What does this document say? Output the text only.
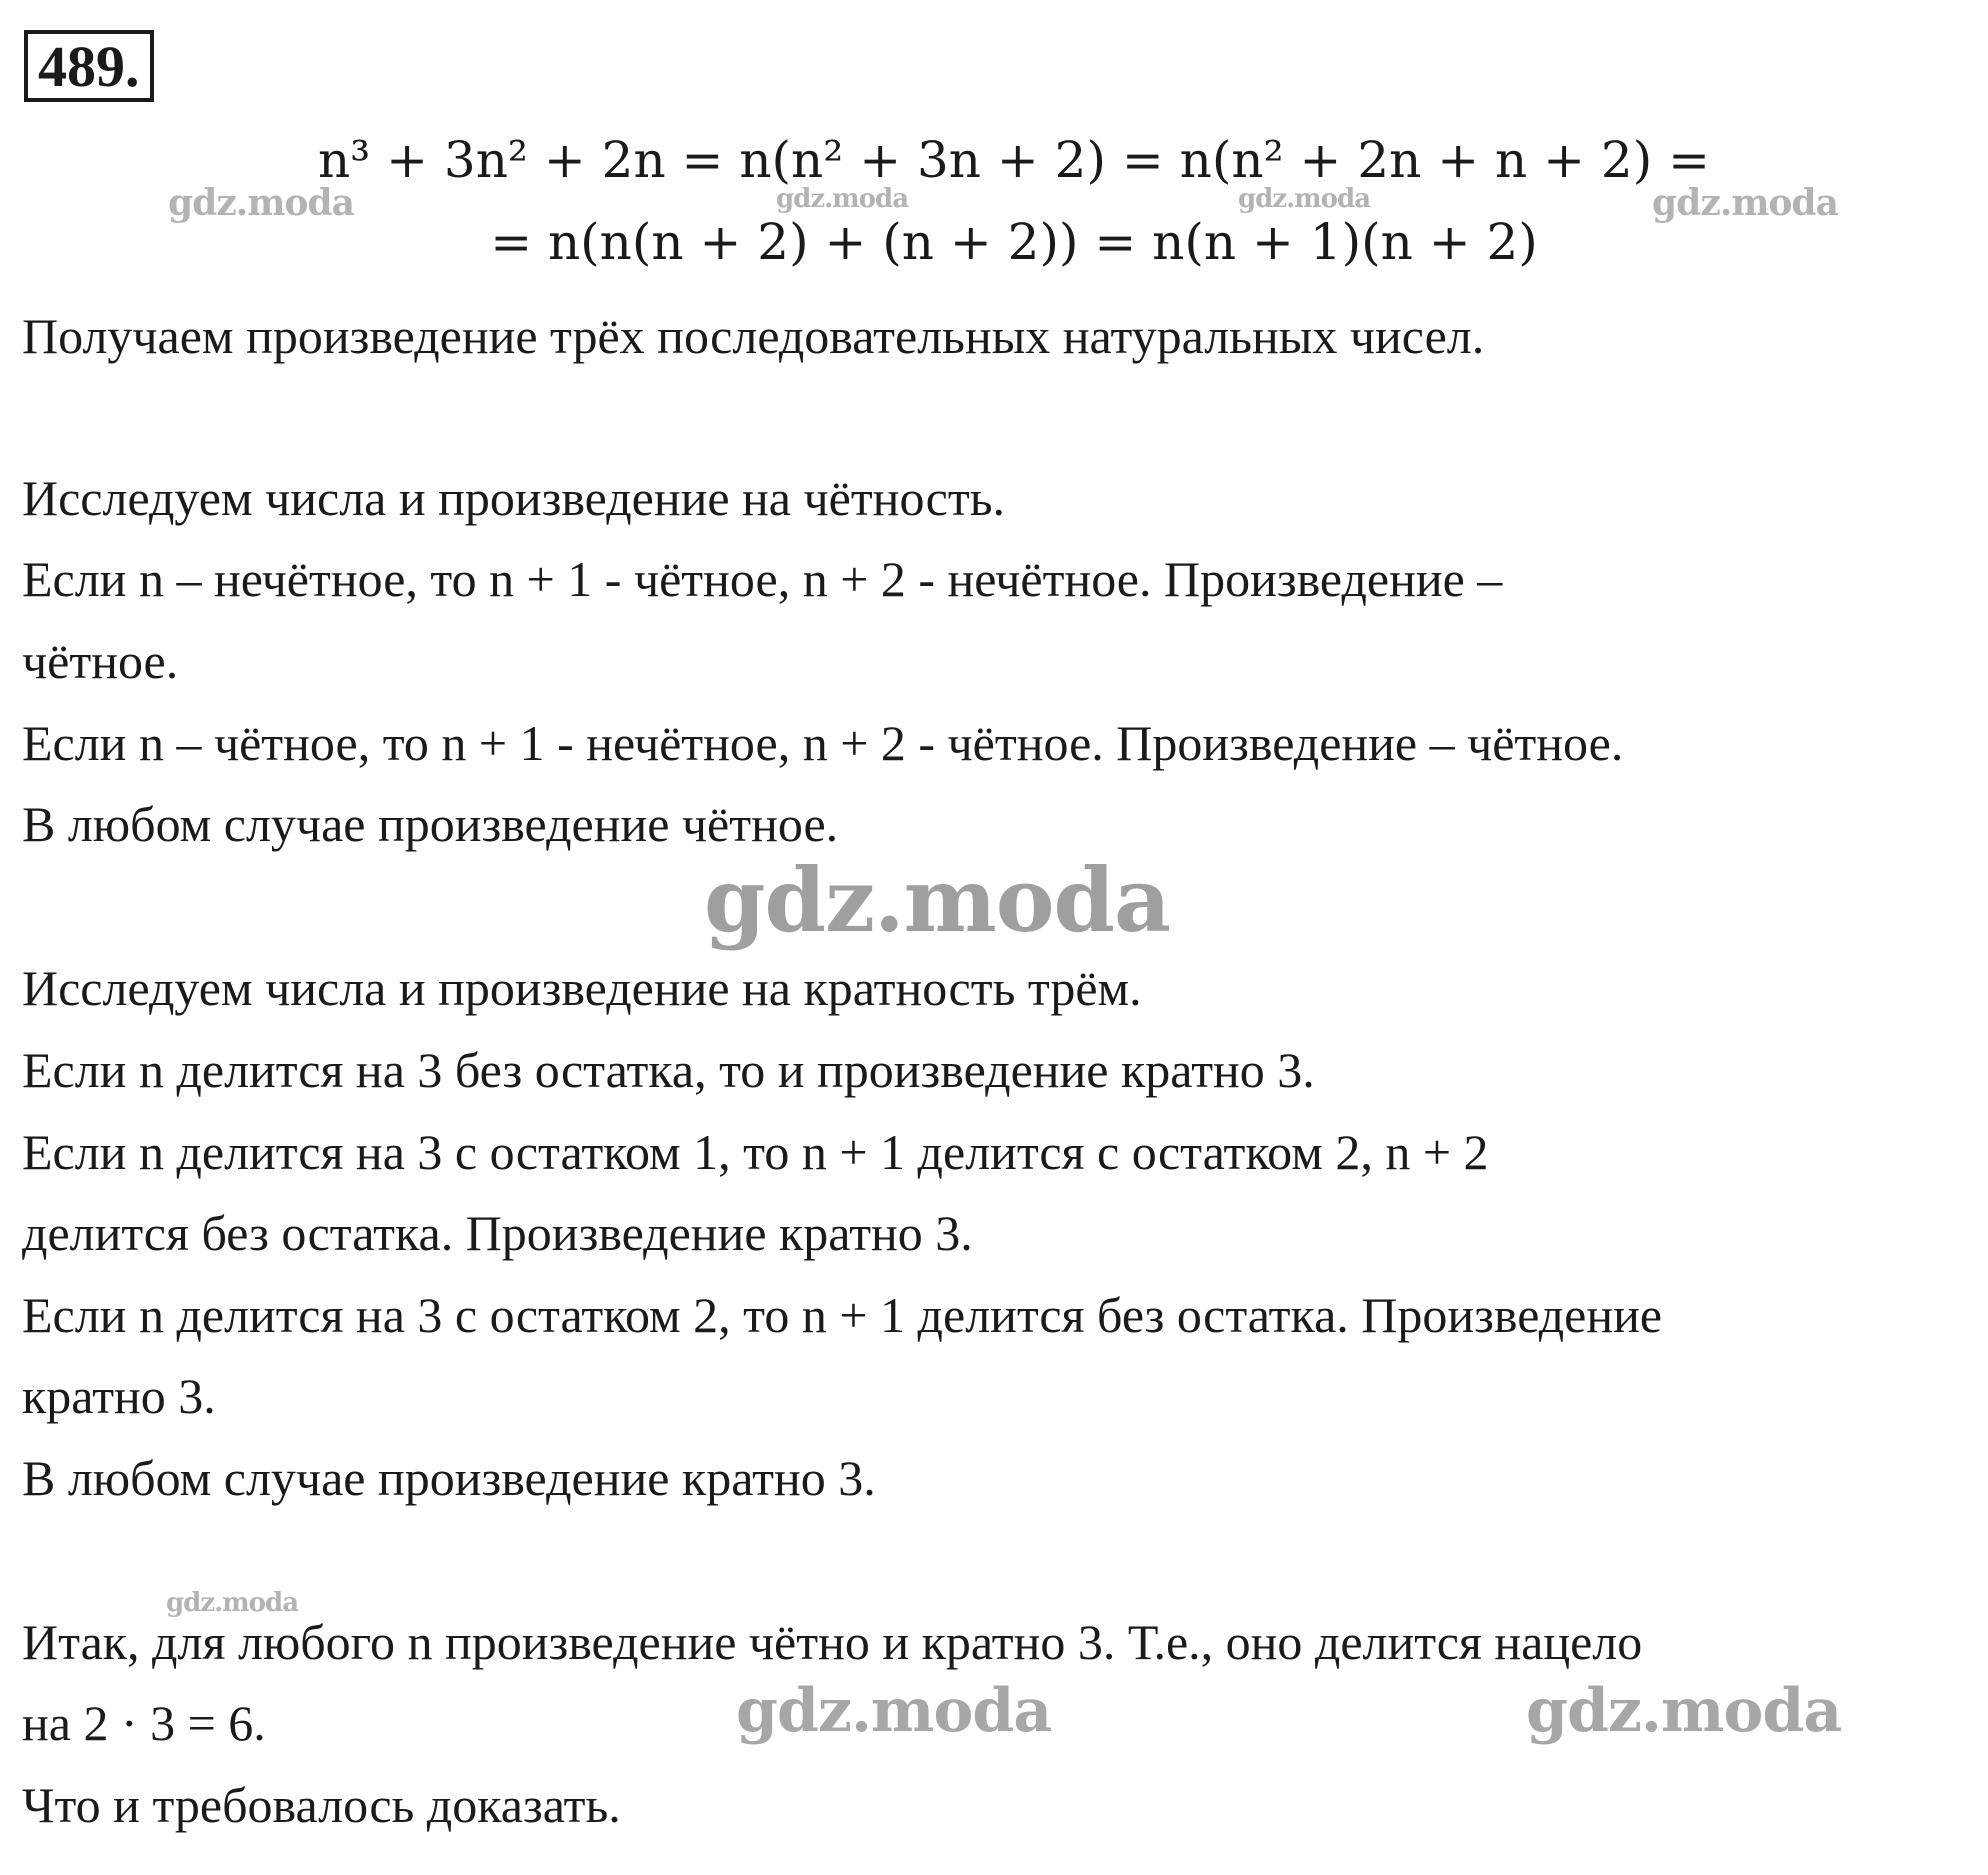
489.
n³ + 3n² + 2n = n(n² + 3n + 2) = n(n² + 2n + n + 2) =
= n(n(n + 2) + (n + 2)) = n(n + 1)(n + 2)
Получаем произведение трёх последовательных натуральных чисел.
Исследуем числа и произведение на чётность.
Если n – нечётное, то n + 1 - чётное, n + 2 - нечётное. Произведение –
чётное.
Если n – чётное, то n + 1 - нечётное, n + 2 - чётное. Произведение – чётное.
В любом случае произведение чётное.
Исследуем числа и произведение на кратность трём.
Если n делится на 3 без остатка, то и произведение кратно 3.
Если n делится на 3 с остатком 1, то n + 1 делится с остатком 2, n + 2
делится без остатка. Произведение кратно 3.
Если n делится на 3 с остатком 2, то n + 1 делится без остатка. Произведение
кратно 3.
В любом случае произведение кратно 3.
Итак, для любого n произведение чётно и кратно 3. Т.е., оно делится нацело
на 2 · 3 = 6.
Что и требовалось доказать.
gdz.moda	gdz.moda	gdz.moda	gdz.moda
gdz.moda
gdz.moda
gdz.moda	gdz.moda
